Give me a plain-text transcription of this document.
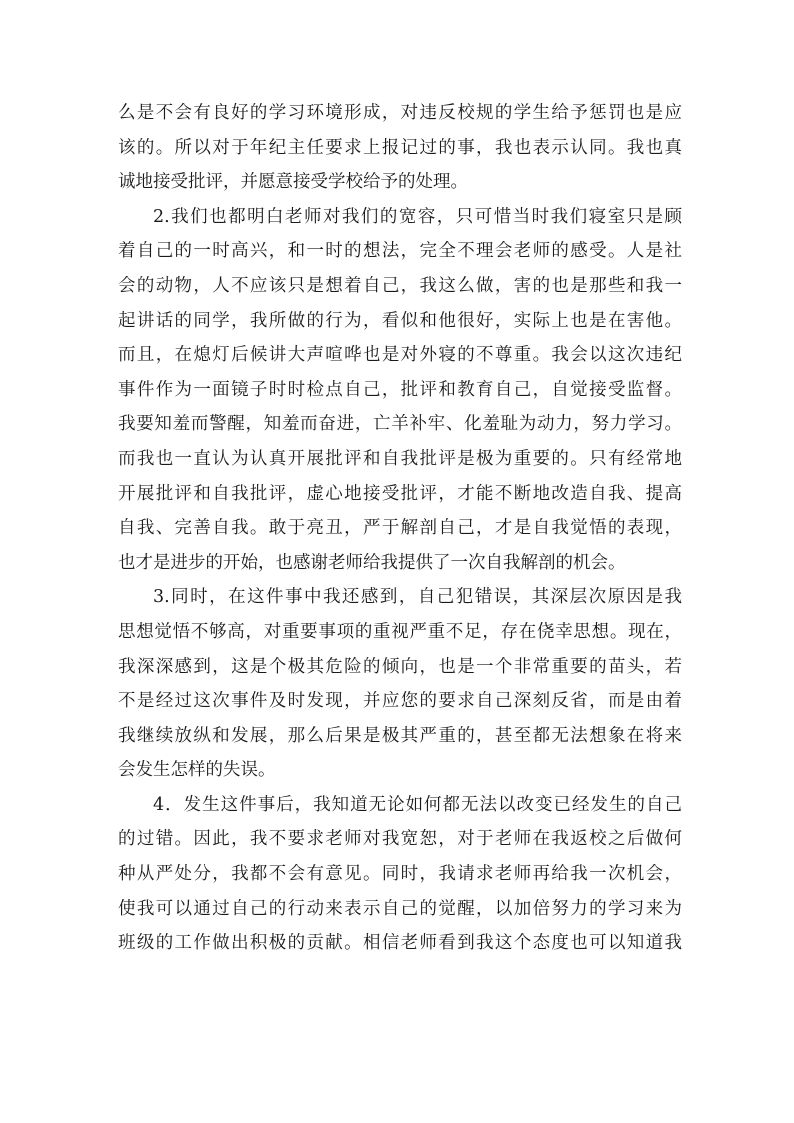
么是不会有良好的学习环境形成，对违反校规的学生给予惩罚也是应
该的。所以对于年纪主任要求上报记过的事，我也表示认同。我也真
诚地接受批评，并愿意接受学校给予的处理。
2.我们也都明白老师对我们的宽容，只可惜当时我们寝室只是顾
着自己的一时高兴，和一时的想法，完全不理会老师的感受。人是社
会的动物，人不应该只是想着自己，我这么做，害的也是那些和我一
起讲话的同学，我所做的行为，看似和他很好，实际上也是在害他。
而且，在熄灯后候讲大声喧哗也是对外寝的不尊重。我会以这次违纪
事件作为一面镜子时时检点自己，批评和教育自己，自觉接受监督。
我要知羞而警醒，知羞而奋进，亡羊补牢、化羞耻为动力，努力学习。
而我也一直认为认真开展批评和自我批评是极为重要的。只有经常地
开展批评和自我批评，虚心地接受批评，才能不断地改造自我、提高
自我、完善自我。敢于亮丑，严于解剖自己，才是自我觉悟的表现，
也才是进步的开始，也感谢老师给我提供了一次自我解剖的机会。
3.同时，在这件事中我还感到，自己犯错误，其深层次原因是我
思想觉悟不够高，对重要事项的重视严重不足，存在侥幸思想。现在，
我深深感到，这是个极其危险的倾向，也是一个非常重要的苗头，若
不是经过这次事件及时发现，并应您的要求自己深刻反省，而是由着
我继续放纵和发展，那么后果是极其严重的，甚至都无法想象在将来
会发生怎样的失误。
4．发生这件事后，我知道无论如何都无法以改变已经发生的自己
的过错。因此，我不要求老师对我宽恕，对于老师在我返校之后做何
种从严处分，我都不会有意见。同时，我请求老师再给我一次机会，
使我可以通过自己的行动来表示自己的觉醒，以加倍努力的学习来为
班级的工作做出积极的贡献。相信老师看到我这个态度也可以知道我
